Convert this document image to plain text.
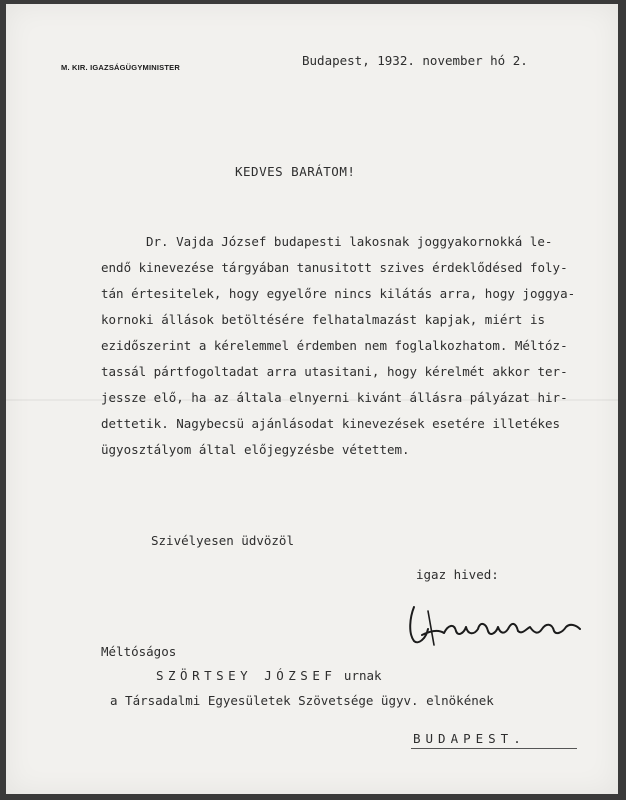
M. KIR. IGAZSÁGÜGYMINISTER	Budapest, 1932. november hó 2.
KEDVES BARÁTOM!
Dr. Vajda József budapesti lakosnak joggyakornokká le-
endő kinevezése tárgyában tanusitott szives érdeklődésed foly-
tán értesitelek, hogy egyelőre nincs kilátás arra, hogy joggya-
kornoki állások betöltésére felhatalmazást kapjak, miért is
ezidőszerint a kérelemmel érdemben nem foglalkozhatom. Méltóz-
tassál pártfogoltadat arra utasitani, hogy kérelmét akkor ter-
jessze elő, ha az általa elnyerni kivánt állásra pályázat hir-
dettetik. Nagybecsü ajánlásodat kinevezések esetére illetékes
ügyosztályom által előjegyzésbe vétettem.
Szivélyesen üdvözöl
igaz hived:
Méltóságos
SZÖRTSEY JÓZSEF urnak
a Társadalmi Egyesületek Szövetsége ügyv. elnökének
BUDAPEST.
